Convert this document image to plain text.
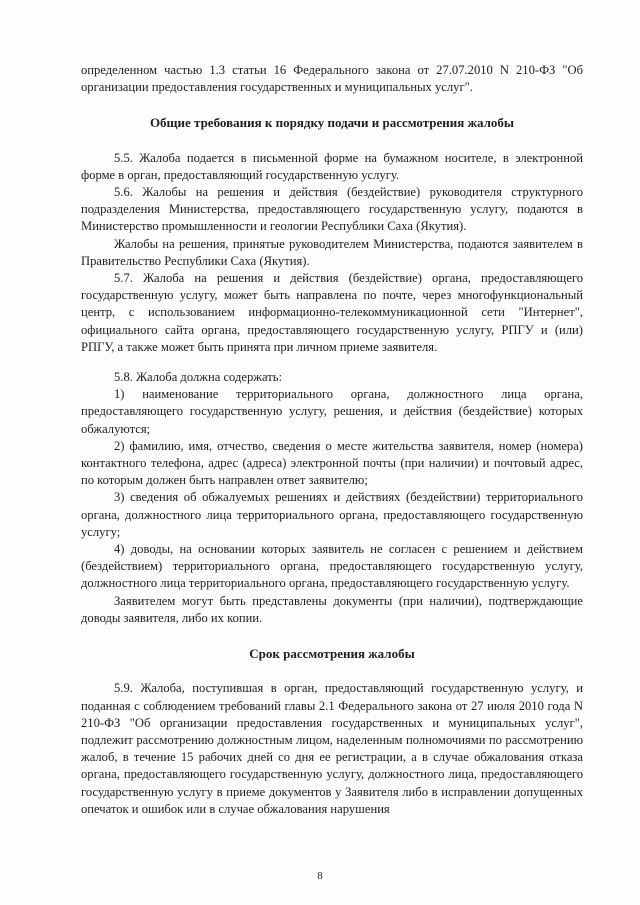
определенном частью 1.3 статьи 16 Федерального закона от 27.07.2010 N 210-ФЗ "Об организации предоставления государственных и муниципальных услуг".

Общие требования к порядку подачи и рассмотрения жалобы

5.5. Жалоба подается в письменной форме на бумажном носителе, в электронной форме в орган, предоставляющий государственную услугу.

5.6. Жалобы на решения и действия (бездействие) руководителя структурного подразделения Министерства, предоставляющего государственную услугу, подаются в Министерство промышленности и геологии Республики Саха (Якутия).

Жалобы на решения, принятые руководителем Министерства, подаются заявителем в Правительство Республики Саха (Якутия).

5.7. Жалоба на решения и действия (бездействие) органа, предоставляющего государственную услугу, может быть направлена по почте, через многофункциональный центр, с использованием информационно-телекоммуникационной сети "Интернет", официального сайта органа, предоставляющего государственную услугу, РПГУ и (или) РПГУ, а также может быть принята при личном приеме заявителя.

5.8. Жалоба должна содержать:

1) наименование территориального органа, должностного лица органа, предоставляющего государственную услугу, решения, и действия (бездействие) которых обжалуются;

2) фамилию, имя, отчество, сведения о месте жительства заявителя, номер (номера) контактного телефона, адрес (адреса) электронной почты (при наличии) и почтовый адрес, по которым должен быть направлен ответ заявителю;

3) сведения об обжалуемых решениях и действиях (бездействии) территориального органа, должностного лица территориального органа, предоставляющего государственную услугу;

4) доводы, на основании которых заявитель не согласен с решением и действием (бездействием) территориального органа, предоставляющего государственную услугу, должностного лица территориального органа, предоставляющего государственную услугу.

Заявителем могут быть представлены документы (при наличии), подтверждающие доводы заявителя, либо их копии.

Срок рассмотрения жалобы

5.9. Жалоба, поступившая в орган, предоставляющий государственную услугу, и поданная с соблюдением требований главы 2.1 Федерального закона от 27 июля 2010 года N 210-ФЗ "Об организации предоставления государственных и муниципальных услуг", подлежит рассмотрению должностным лицом, наделенным полномочиями по рассмотрению жалоб, в течение 15 рабочих дней со дня ее регистрации, а в случае обжалования отказа органа, предоставляющего государственную услугу, должностного лица, предоставляющего государственную услугу в приеме документов у Заявителя либо в исправлении допущенных опечаток и ошибок или в случае обжалования нарушения

8
